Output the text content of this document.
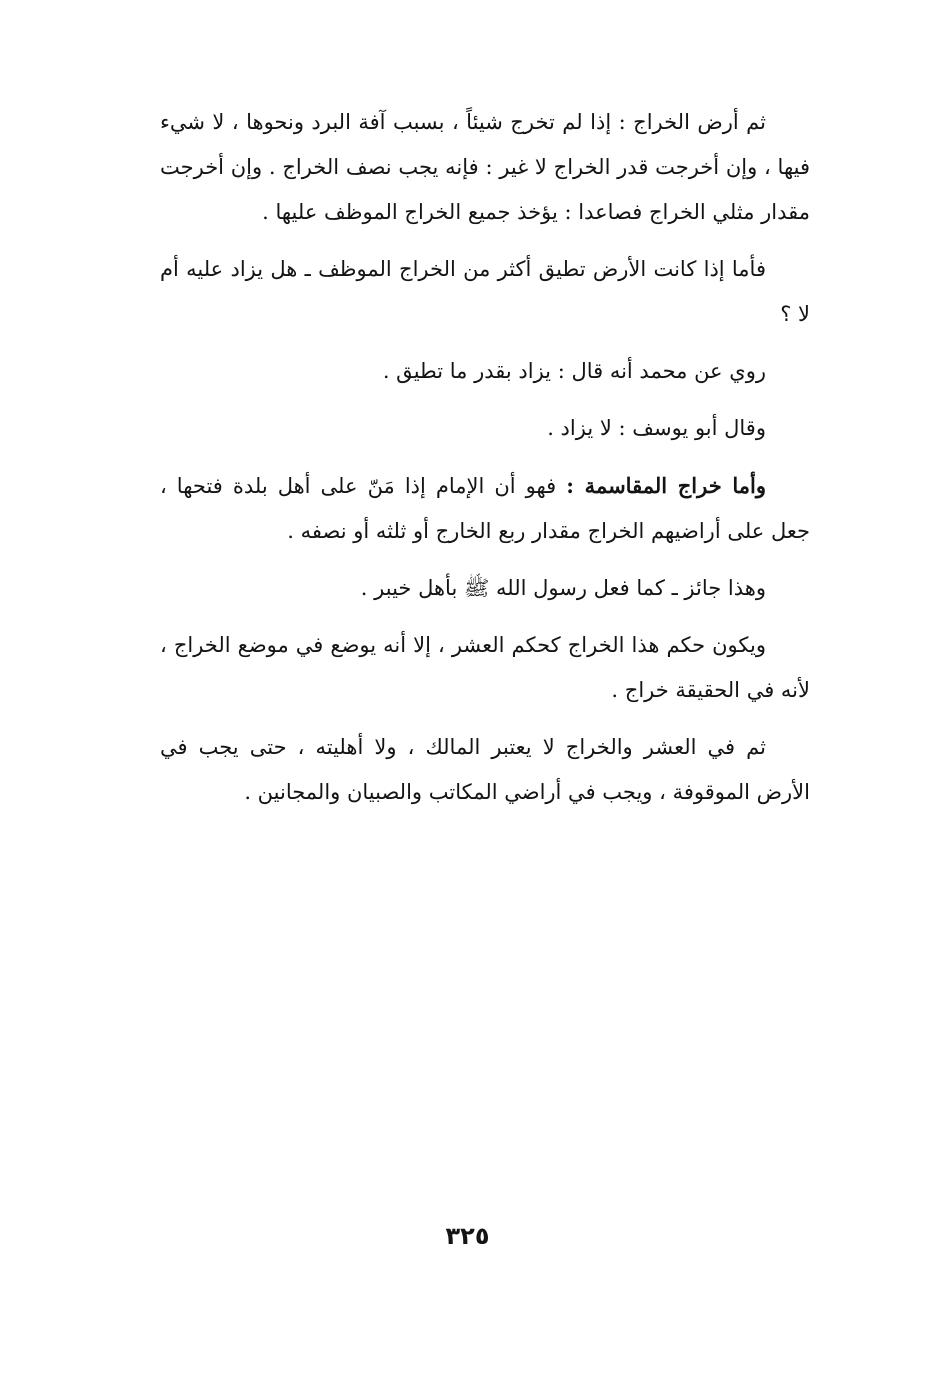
ثم أرض الخراج : إذا لم تخرج شيئاً ، بسبب آفة البرد ونحوها ، لا شيء فيها ، وإن أخرجت قدر الخراج لا غير : فإنه يجب نصف الخراج . وإن أخرجت مقدار مثلي الخراج فصاعدا : يؤخذ جميع الخراج الموظف عليها .

فأما إذا كانت الأرض تطيق أكثر من الخراج الموظف ـ هل يزاد عليه أم لا ؟

روي عن محمد أنه قال : يزاد بقدر ما تطيق .

وقال أبو يوسف : لا يزاد .

وأما خراج المقاسمة : فهو أن الإمام إذا مَنّ على أهل بلدة فتحها ، جعل على أراضيهم الخراج مقدار ربع الخارج أو ثلثه أو نصفه .

وهذا جائز ـ كما فعل رسول الله ﷺ بأهل خيبر .

ويكون حكم هذا الخراج كحكم العشر ، إلا أنه يوضع في موضع الخراج ، لأنه في الحقيقة خراج .

ثم في العشر والخراج لا يعتبر المالك ، ولا أهليته ، حتى يجب في الأرض الموقوفة ، ويجب في أراضي المكاتب والصبيان والمجانين .

٣٢٥
